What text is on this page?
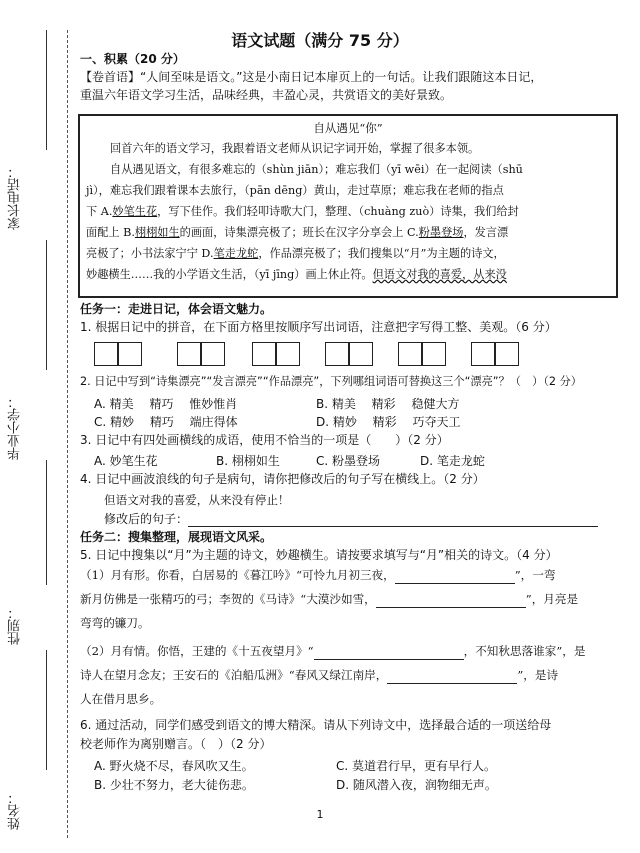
家长电话：
毕业小学：
性别：
姓名：
语文试题（满分 75 分）
一、积累（20 分）
【卷首语】“人间至味是语文。”这是小南日记本扉页上的一句话。让我们跟随这本日记，
重温六年语文学习生活，品味经典，丰盈心灵，共赏语文的美好景致。
自从遇见“你”
回首六年的语文学习，我跟着语文老师从识记字词开始，掌握了很多本领。
自从遇见语文，有很多难忘的（shùn jiān）；难忘我们（yī wēi）在一起阅读（shū
jì），难忘我们跟着课本去旅行，（pān dēng）黄山，走过草原；难忘我在老师的指点
下 A.妙笔生花，写下佳作。我们轻叩诗歌大门，整理、（chuàng zuò）诗集，我们给封
面配上 B.栩栩如生的画面，诗集漂亮极了；班长在汉字分享会上 C.粉墨登场，发言漂
亮极了；小书法家宁宁 D.笔走龙蛇，作品漂亮极了；我们搜集以“月”为主题的诗文，
妙趣横生……我的小学语文生活，（yī jīng）画上休止符。但语文对我的喜爱，从来没
任务一：走进日记，体会语文魅力。
1. 根据日记中的拼音，在下面方格里按顺序写出词语，注意把字写得工整、美观。（6 分）
2. 日记中写到“诗集漂亮”“发言漂亮”“作品漂亮”，下列哪组词语可替换这三个“漂亮”？（　）（2 分）
A. 精美　 精巧　 惟妙惟肖	B. 精美　 精彩　 稳健大方
C. 精妙　 精巧　 端庄得体	D. 精妙　 精彩　 巧夺天工
3. 日记中有四处画横线的成语，使用不恰当的一项是（　　）（2 分）
A. 妙笔生花	B. 栩栩如生	C. 粉墨登场	D. 笔走龙蛇
4. 日记中画波浪线的句子是病句，请你把修改后的句子写在横线上。（2 分）
但语文对我的喜爱，从来没有停止！
修改后的句子：
任务二：搜集整理，展现语文风采。
5. 日记中搜集以“月”为主题的诗文，妙趣横生。请按要求填写与“月”相关的诗文。（4 分）
（1）月有形。你看，白居易的《暮江吟》“可怜九月初三夜，	”，一弯
新月仿佛是一张精巧的弓；李贺的《马诗》“大漠沙如雪，	”，月亮是
弯弯的镰刀。
（2）月有情。你悟，王建的《十五夜望月》“	，不知秋思落谁家”，是
诗人在望月念友；王安石的《泊船瓜洲》“春风又绿江南岸，	”，是诗
人在借月思乡。
6. 通过活动，同学们感受到语文的博大精深。请从下列诗文中，选择最合适的一项送给母
校老师作为离别赠言。（　）（2 分）
A. 野火烧不尽，春风吹又生。	C. 莫道君行早，更有早行人。
B. 少壮不努力，老大徒伤悲。	D. 随风潜入夜，润物细无声。
1
